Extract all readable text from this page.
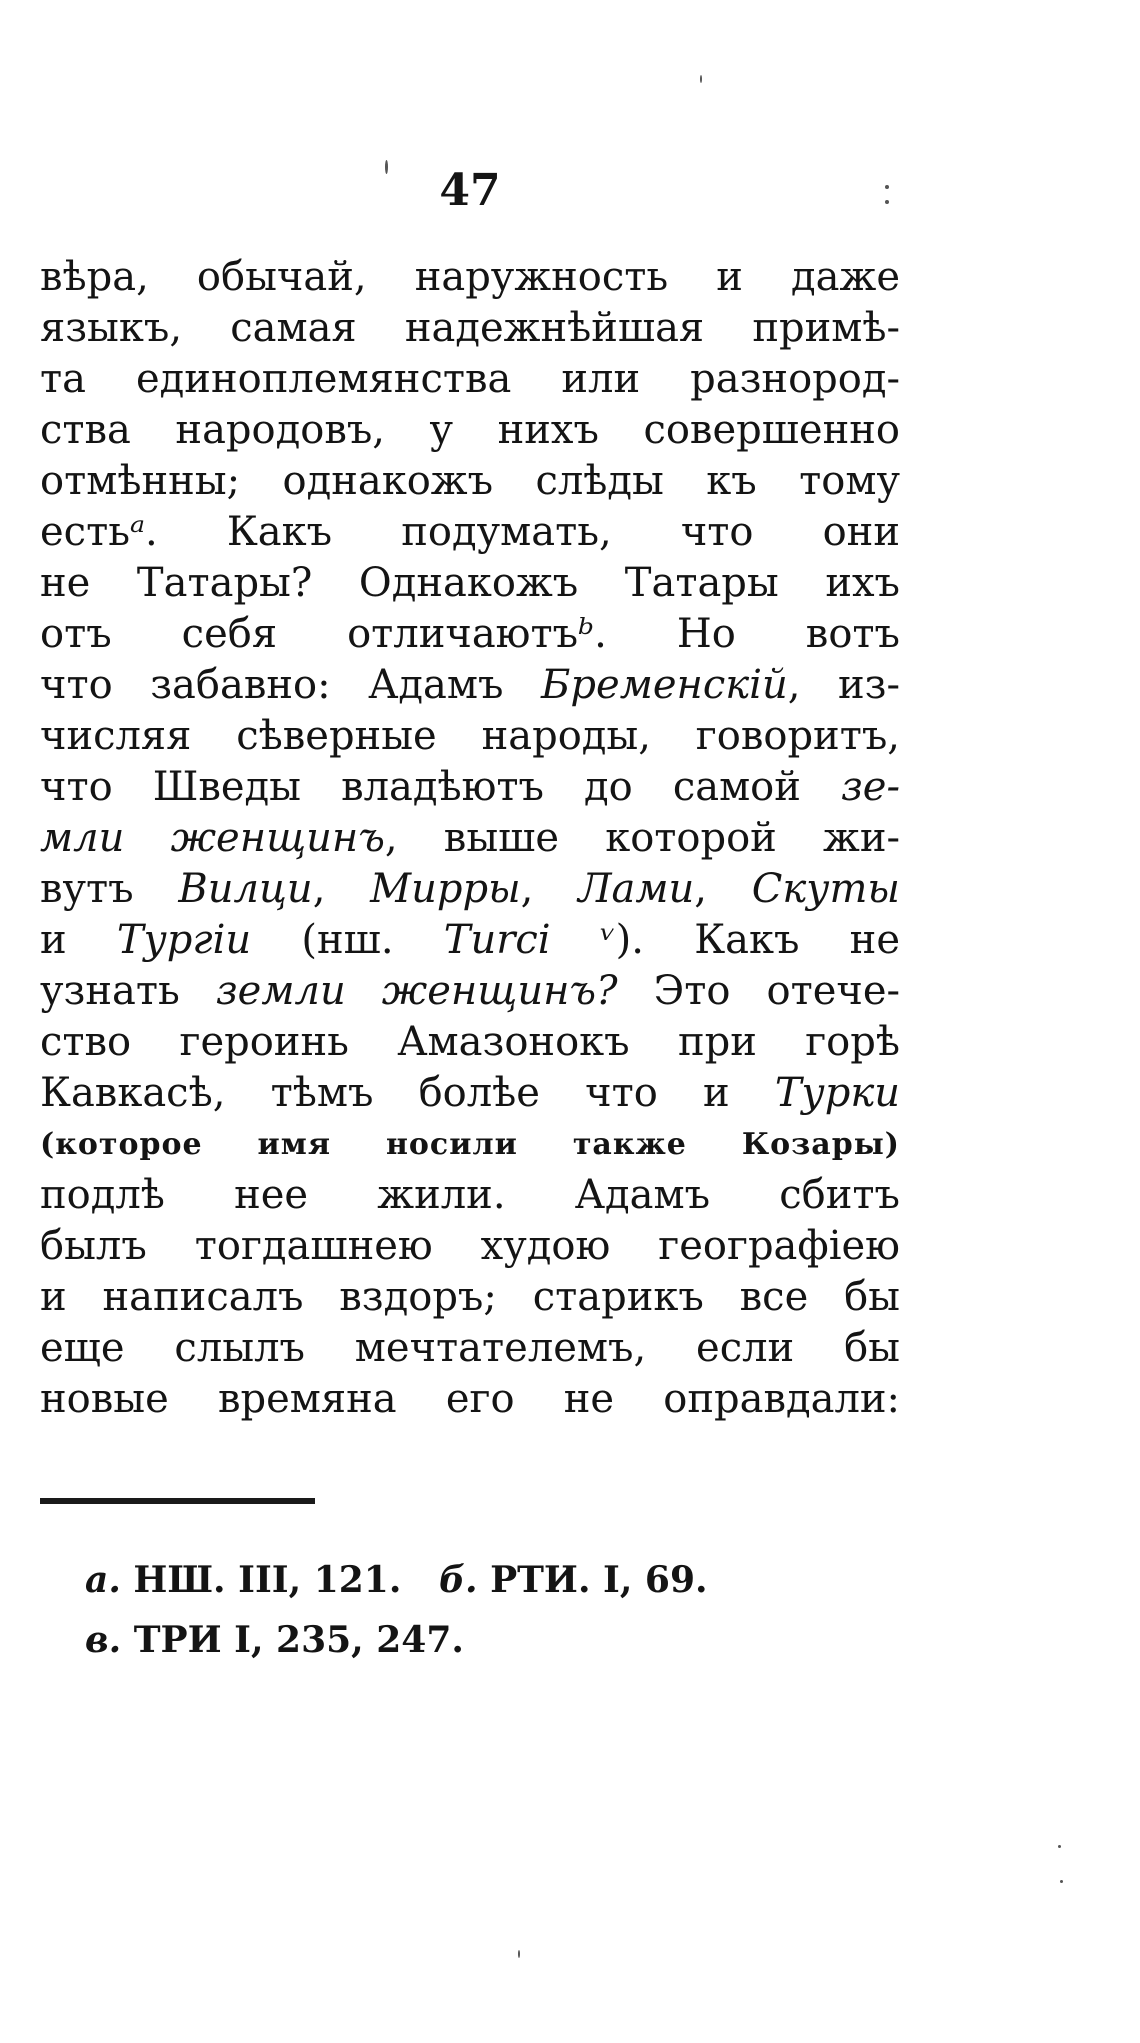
47
вѣра, обычай, наружность и даже
языкъ, самая надежнѣйшая примѣ-
та единоплемянства или разнород-
ства народовъ, у нихъ совершенно
отмѣнны; однакожъ слѣды къ тому
естьᵃ. Какъ подумать, что они
не Татары? Однакожъ Татары ихъ
отъ себя отличаютъᵇ. Но вотъ
что забавно: Адамъ Бременскій, из-
числяя сѣверные народы, говоритъ,
что Шведы владѣютъ до самой зе-
мли женщинъ, выше которой жи-
вутъ Вилци, Мирры, Лами, Скуты
и Тургіи (нш. Turci ᵛ). Какъ не
узнать земли женщинъ? Это отече-
ство героинь Амазонокъ при горѣ
Кавкасѣ, тѣмъ болѣе что и Турки
(которое имя носили также Козары)
подлѣ нее жили. Адамъ сбитъ
былъ тогдашнею худою географіею
и написалъ вздоръ; старикъ все бы
еще слылъ мечтателемъ, если бы
новые времяна его не оправдали:
а. НШ. III, 121.   б. РТИ. I, 69.
в. ТРИ I, 235, 247.
